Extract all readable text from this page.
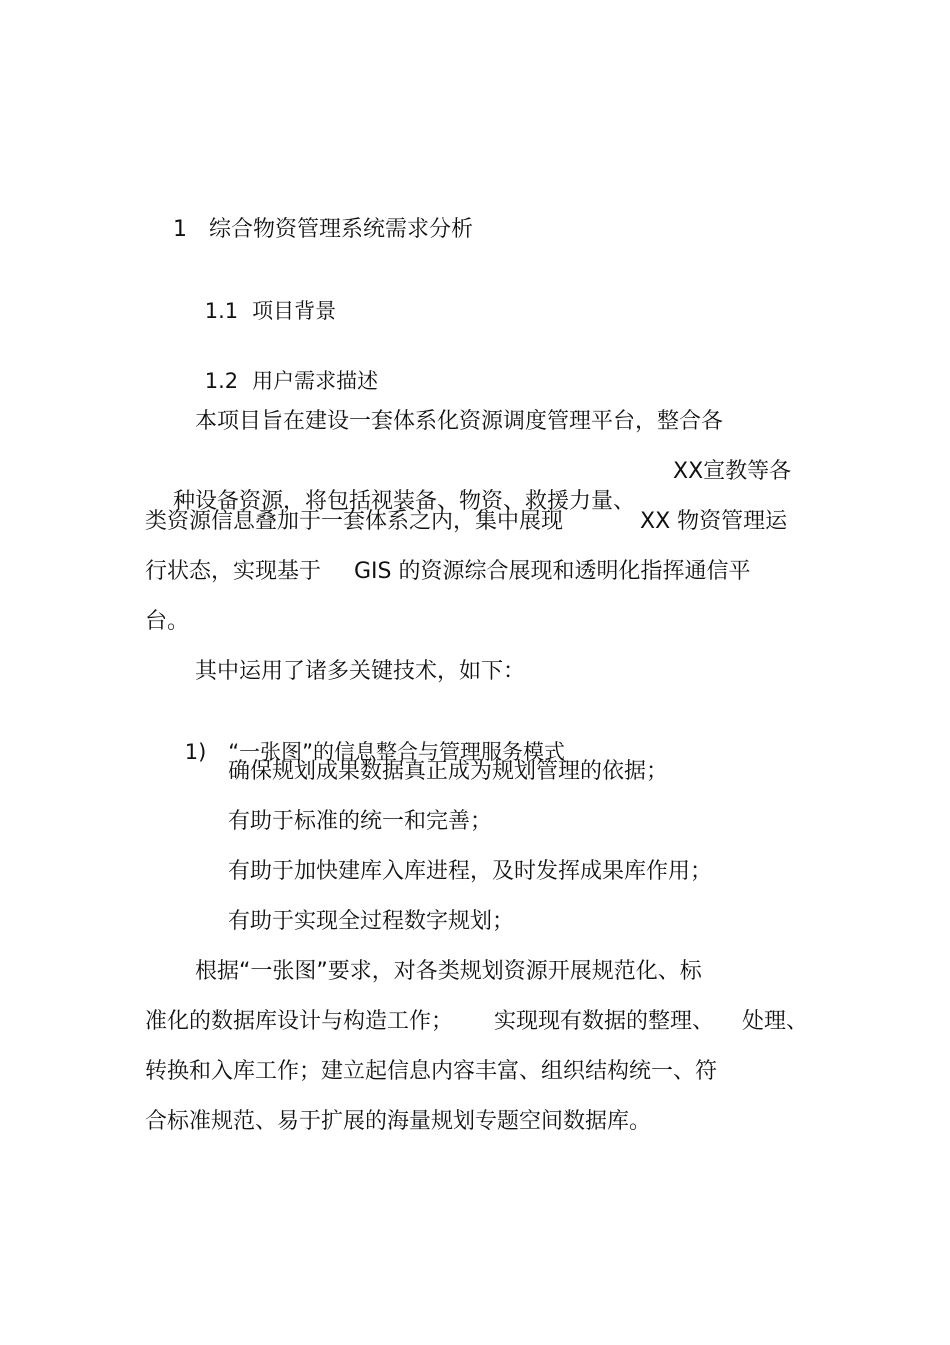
1 综合物资管理系统需求分析

1.1 项目背景

1.2 用户需求描述

本项目旨在建设一套体系化资源调度管理平台，整合各

种设备资源，将包括视装备、物资、救援力量、

XX宣教等各
类资源信息叠加于一套体系之内，集中展现	XX 物资管理运
行状态，实现基于 GIS 的资源综合展现和透明化指挥通信平
台。
其中运用了诸多关键技术，如下：

1) “一张图”的信息整合与管理服务模式

确保规划成果数据真正成为规划管理的依据；
有助于标准的统一和完善；
有助于加快建库入库进程，及时发挥成果库作用；
有助于实现全过程数字规划；
根据“一张图”要求，对各类规划资源开展规范化、标
准化的数据库设计与构造工作； 实现现有数据的整理、 处理、
转换和入库工作；建立起信息内容丰富、组织结构统一、符
合标准规范、易于扩展的海量规划专题空间数据库。
